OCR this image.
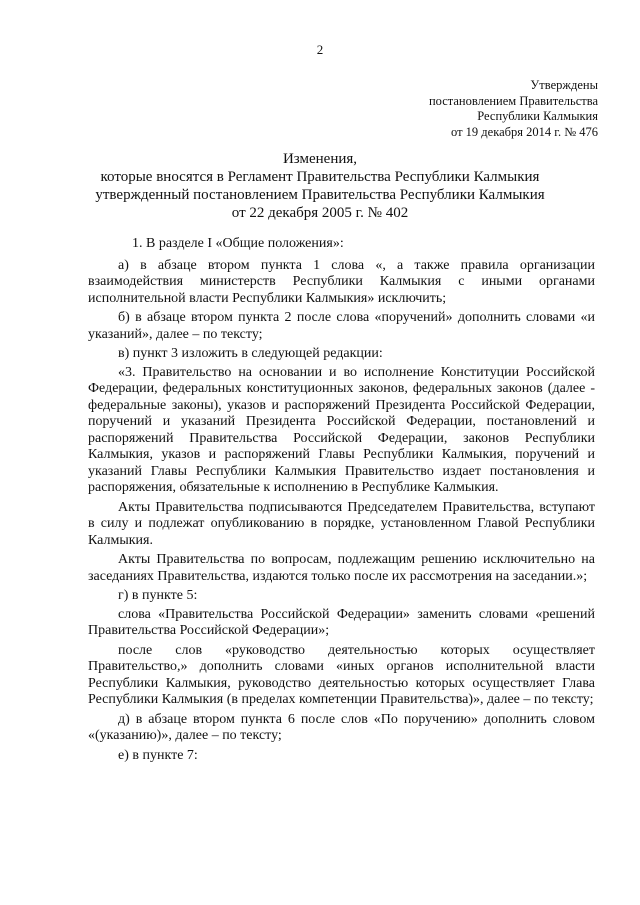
2
Утверждены
постановлением Правительства
Республики Калмыкия
от 19 декабря 2014 г. № 476
Изменения,
которые вносятся в Регламент Правительства Республики Калмыкия
утвержденный постановлением Правительства Республики Калмыкия
от 22 декабря 2005 г. № 402

1. В разделе I «Общие положения»:

а) в абзаце втором пункта 1 слова «, а также правила организации взаимодействия министерств Республики Калмыкия с иными органами исполнительной власти Республики Калмыкия» исключить;

б) в абзаце втором пункта 2 после слова «поручений» дополнить словами «и указаний», далее – по тексту;

в) пункт 3 изложить в следующей редакции:

«3. Правительство на основании и во исполнение Конституции Российской Федерации, федеральных конституционных законов, федеральных законов (далее - федеральные законы), указов и распоряжений Президента Российской Федерации, поручений и указаний Президента Российской Федерации, постановлений и распоряжений Правительства Российской Федерации, законов Республики Калмыкия, указов и распоряжений Главы Республики Калмыкия, поручений и указаний Главы Республики Калмыкия Правительство издает постановления и распоряжения, обязательные к исполнению в Республике Калмыкия.

Акты Правительства подписываются Председателем Правительства, вступают в силу и подлежат опубликованию в порядке, установленном Главой Республики Калмыкия.

Акты Правительства по вопросам, подлежащим решению исключительно на заседаниях Правительства, издаются только после их рассмотрения на заседании.»;

г) в пункте 5:

слова «Правительства Российской Федерации» заменить словами «решений Правительства Российской Федерации»;

после слов «руководство деятельностью которых осуществляет Правительство,» дополнить словами «иных органов исполнительной власти Республики Калмыкия, руководство деятельностью которых осуществляет Глава Республики Калмыкия (в пределах компетенции Правительства)», далее – по тексту;

д) в абзаце втором пункта 6 после слов «По поручению» дополнить словом «(указанию)», далее – по тексту;

е) в пункте 7:
